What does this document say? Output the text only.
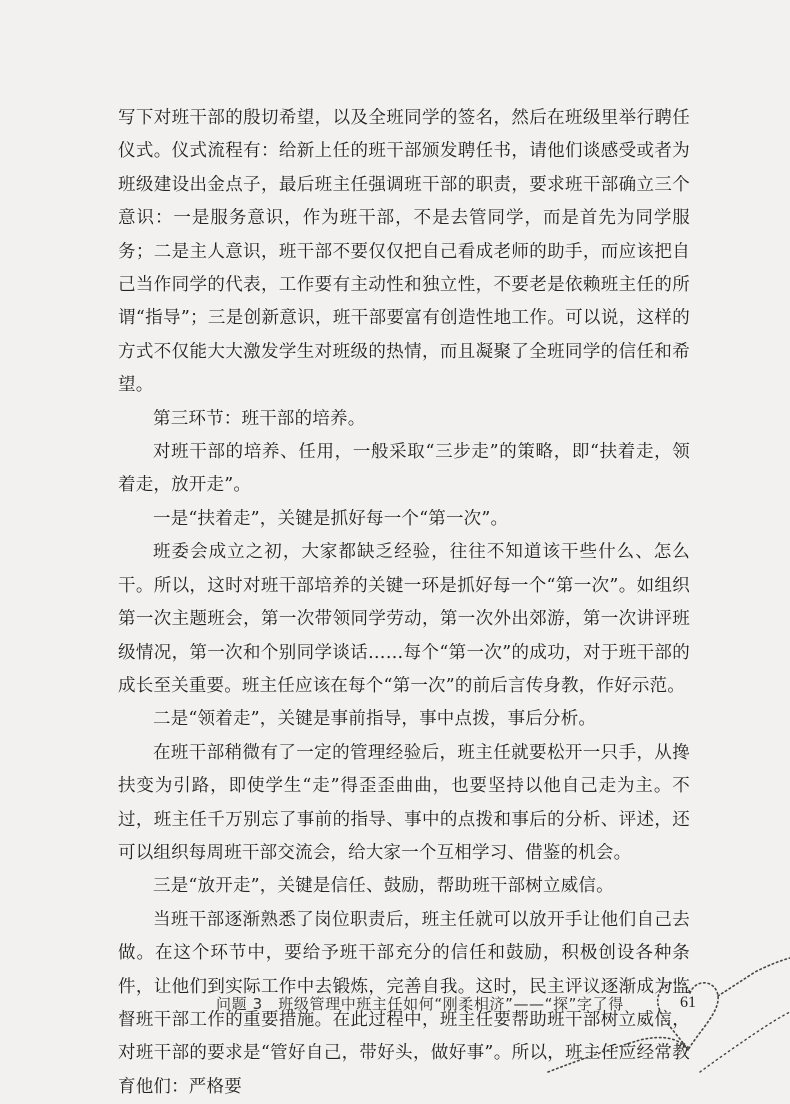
写下对班干部的殷切希望，以及全班同学的签名，然后在班级里举行聘任仪式。仪式流程有：给新上任的班干部颁发聘任书，请他们谈感受或者为班级建设出金点子，最后班主任强调班干部的职责，要求班干部确立三个意识：一是服务意识，作为班干部，不是去管同学，而是首先为同学服务；二是主人意识，班干部不要仅仅把自己看成老师的助手，而应该把自己当作同学的代表，工作要有主动性和独立性，不要老是依赖班主任的所谓“指导”；三是创新意识，班干部要富有创造性地工作。可以说，这样的方式不仅能大大激发学生对班级的热情，而且凝聚了全班同学的信任和希望。

第三环节：班干部的培养。

对班干部的培养、任用，一般采取“三步走”的策略，即“扶着走，领着走，放开走”。

一是“扶着走”，关键是抓好每一个“第一次”。

班委会成立之初，大家都缺乏经验，往往不知道该干些什么、怎么干。所以，这时对班干部培养的关键一环是抓好每一个“第一次”。如组织第一次主题班会，第一次带领同学劳动，第一次外出郊游，第一次讲评班级情况，第一次和个别同学谈话……每个“第一次”的成功，对于班干部的成长至关重要。班主任应该在每个“第一次”的前后言传身教，作好示范。

二是“领着走”，关键是事前指导，事中点拨，事后分析。

在班干部稍微有了一定的管理经验后，班主任就要松开一只手，从搀扶变为引路，即使学生“走”得歪歪曲曲，也要坚持以他自己走为主。不过，班主任千万别忘了事前的指导、事中的点拨和事后的分析、评述，还可以组织每周班干部交流会，给大家一个互相学习、借鉴的机会。

三是“放开走”，关键是信任、鼓励，帮助班干部树立威信。

当班干部逐渐熟悉了岗位职责后，班主任就可以放开手让他们自己去做。在这个环节中，要给予班干部充分的信任和鼓励，积极创设各种条件，让他们到实际工作中去锻炼，完善自我。这时，民主评议逐渐成为监督班干部工作的重要措施。在此过程中，班主任要帮助班干部树立威信，对班干部的要求是“管好自己，带好头，做好事”。所以，班主任应经常教育他们：严格要

问题 3　班级管理中班主任如何“刚柔相济”——“探”字了得	61
